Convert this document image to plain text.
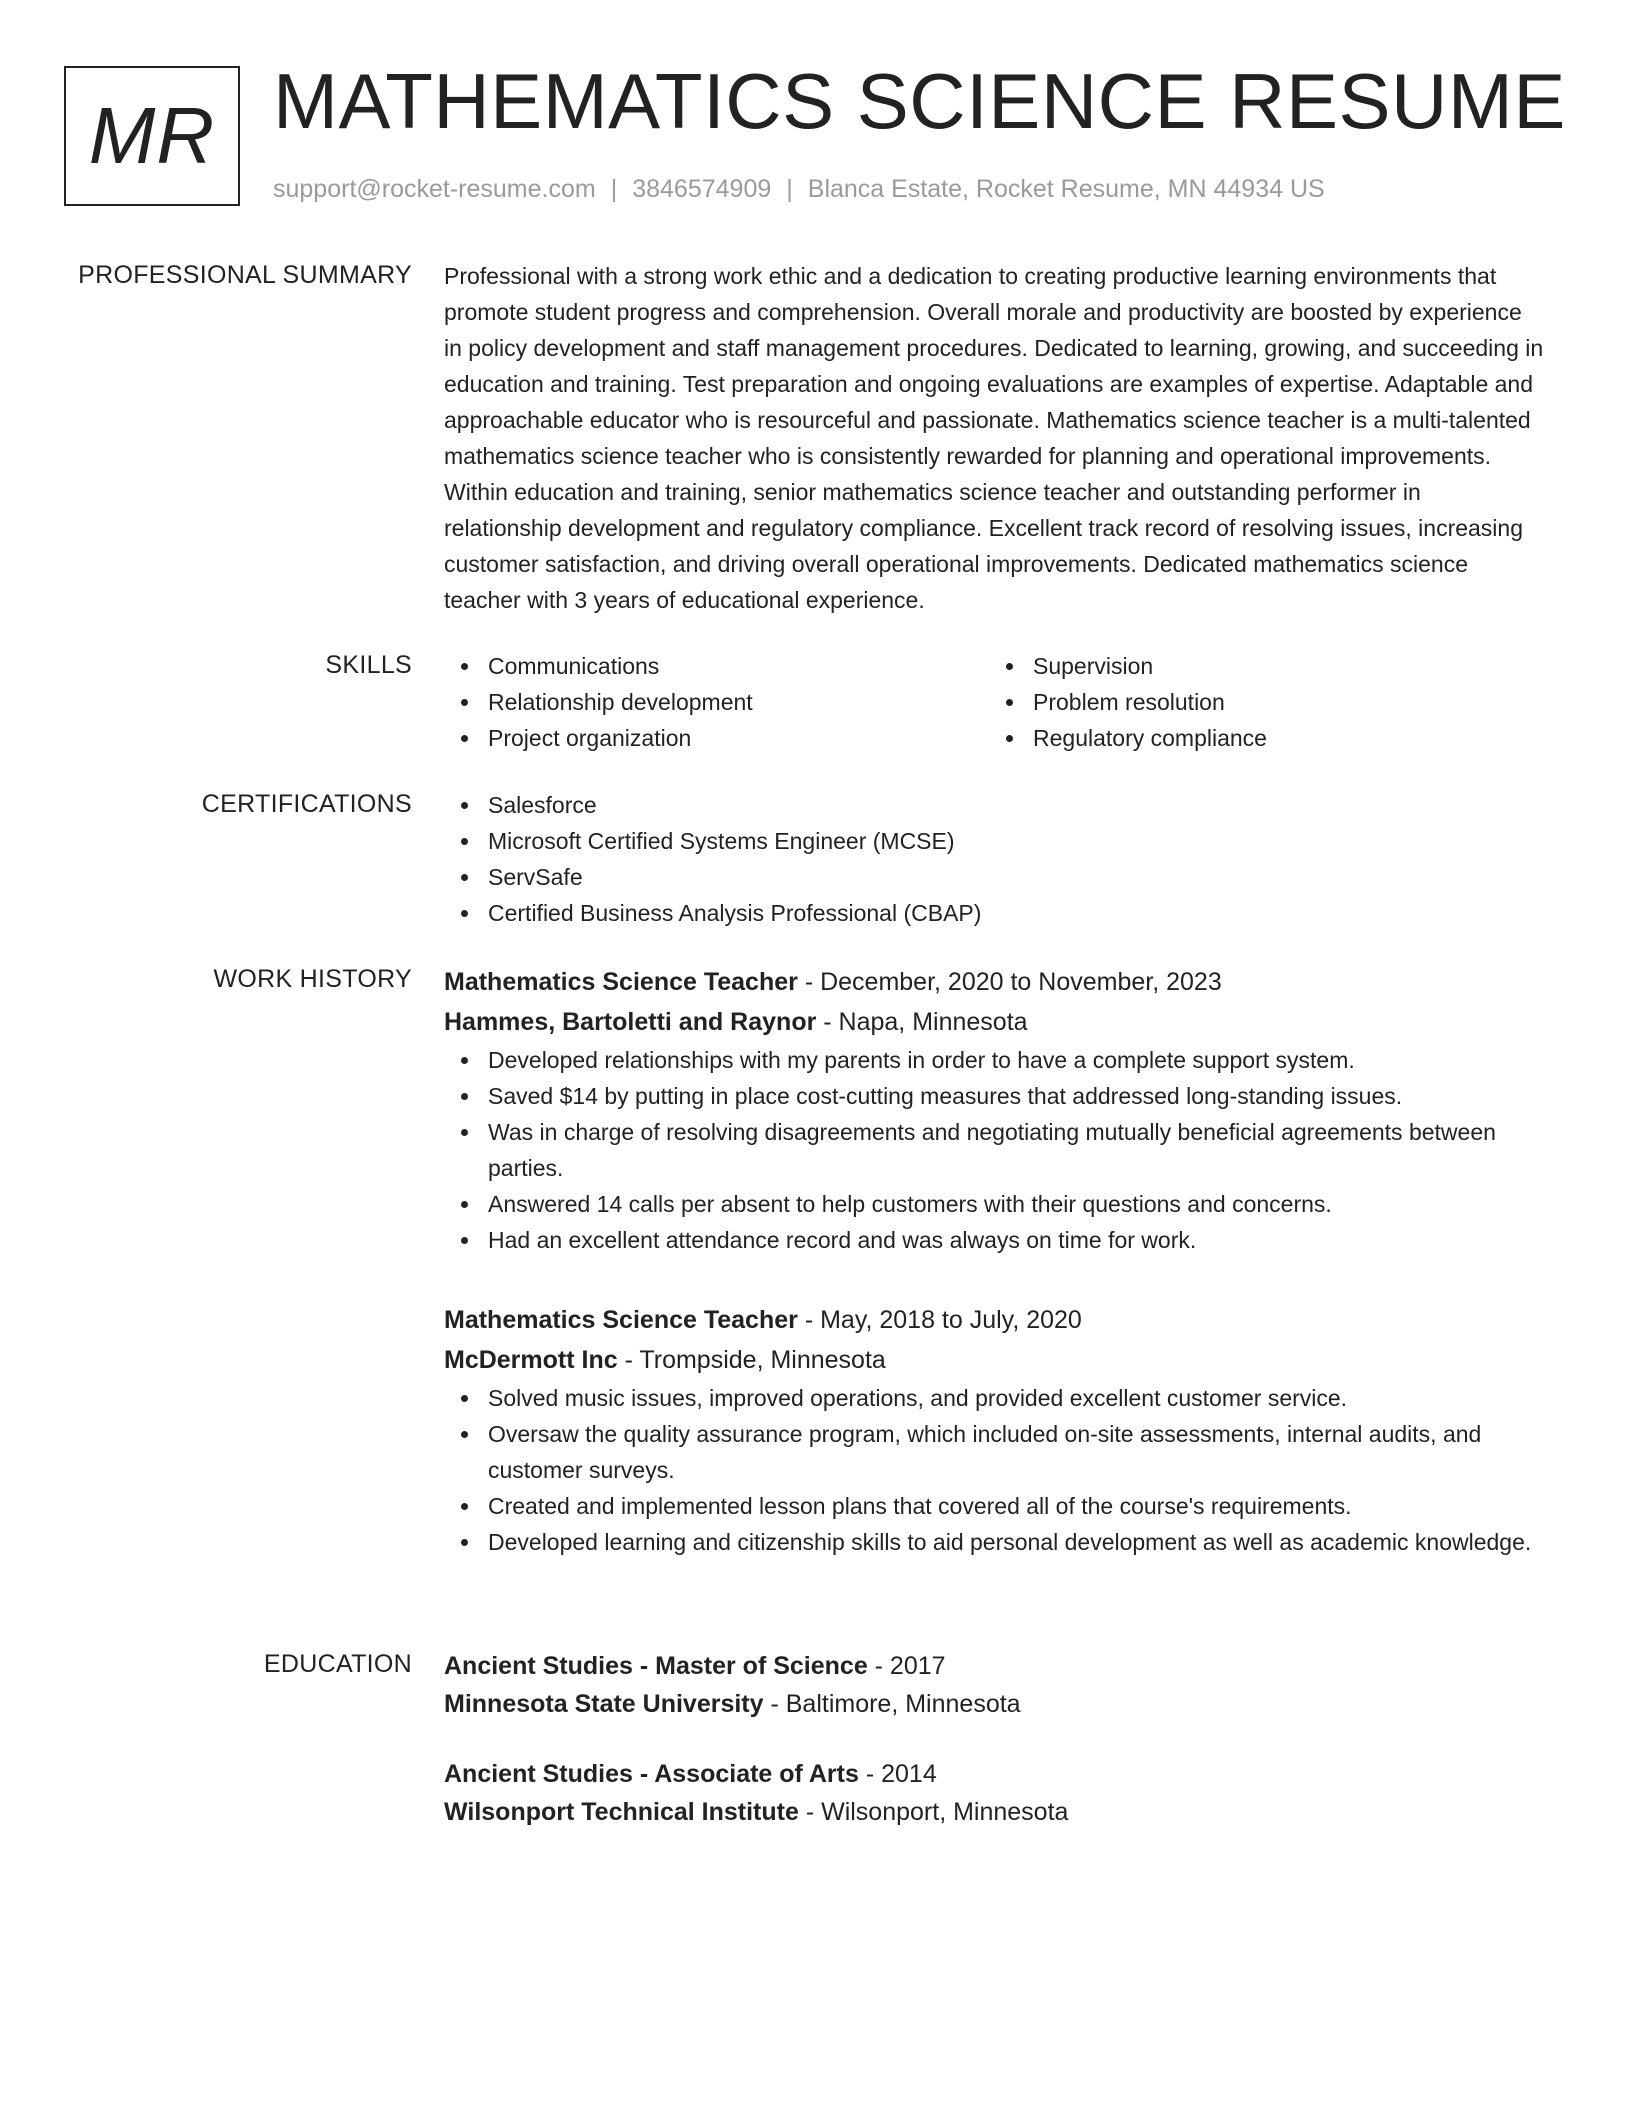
MR MATHEMATICS SCIENCE RESUME
support@rocket-resume.com | 3846574909 | Blanca Estate, Rocket Resume, MN 44934 US
PROFESSIONAL SUMMARY Professional with a strong work ethic and a dedication to creating productive learning environments that promote student progress and comprehension. Overall morale and productivity are boosted by experience in policy development and staff management procedures. Dedicated to learning, growing, and succeeding in education and training. Test preparation and ongoing evaluations are examples of expertise. Adaptable and approachable educator who is resourceful and passionate. Mathematics science teacher is a multi-talented mathematics science teacher who is consistently rewarded for planning and operational improvements. Within education and training, senior mathematics science teacher and outstanding performer in relationship development and regulatory compliance. Excellent track record of resolving issues, increasing customer satisfaction, and driving overall operational improvements. Dedicated mathematics science teacher with 3 years of educational experience.

SKILLS	Communications
Relationship development
Project organization
Supervision
Problem resolution
Regulatory compliance
CERTIFICATIONS	Salesforce
Microsoft Certified Systems Engineer (MCSE)
ServSafe
Certified Business Analysis Professional (CBAP)
WORK HISTORY Mathematics Science Teacher - December, 2020 to November, 2023
Hammes, Bartoletti and Raynor - Napa, Minnesota
Developed relationships with my parents in order to have a complete support system.
Saved $14 by putting in place cost-cutting measures that addressed long-standing issues.
Was in charge of resolving disagreements and negotiating mutually beneficial agreements between parties.
Answered 14 calls per absent to help customers with their questions and concerns.
Had an excellent attendance record and was always on time for work.
Mathematics Science Teacher - May, 2018 to July, 2020
McDermott Inc - Trompside, Minnesota
Solved music issues, improved operations, and provided excellent customer service.
Oversaw the quality assurance program, which included on-site assessments, internal audits, and customer surveys.
Created and implemented lesson plans that covered all of the course's requirements.
Developed learning and citizenship skills to aid personal development as well as academic knowledge.
EDUCATION Ancient Studies - Master of Science - 2017
Minnesota State University - Baltimore, Minnesota
Ancient Studies - Associate of Arts - 2014
Wilsonport Technical Institute - Wilsonport, Minnesota
